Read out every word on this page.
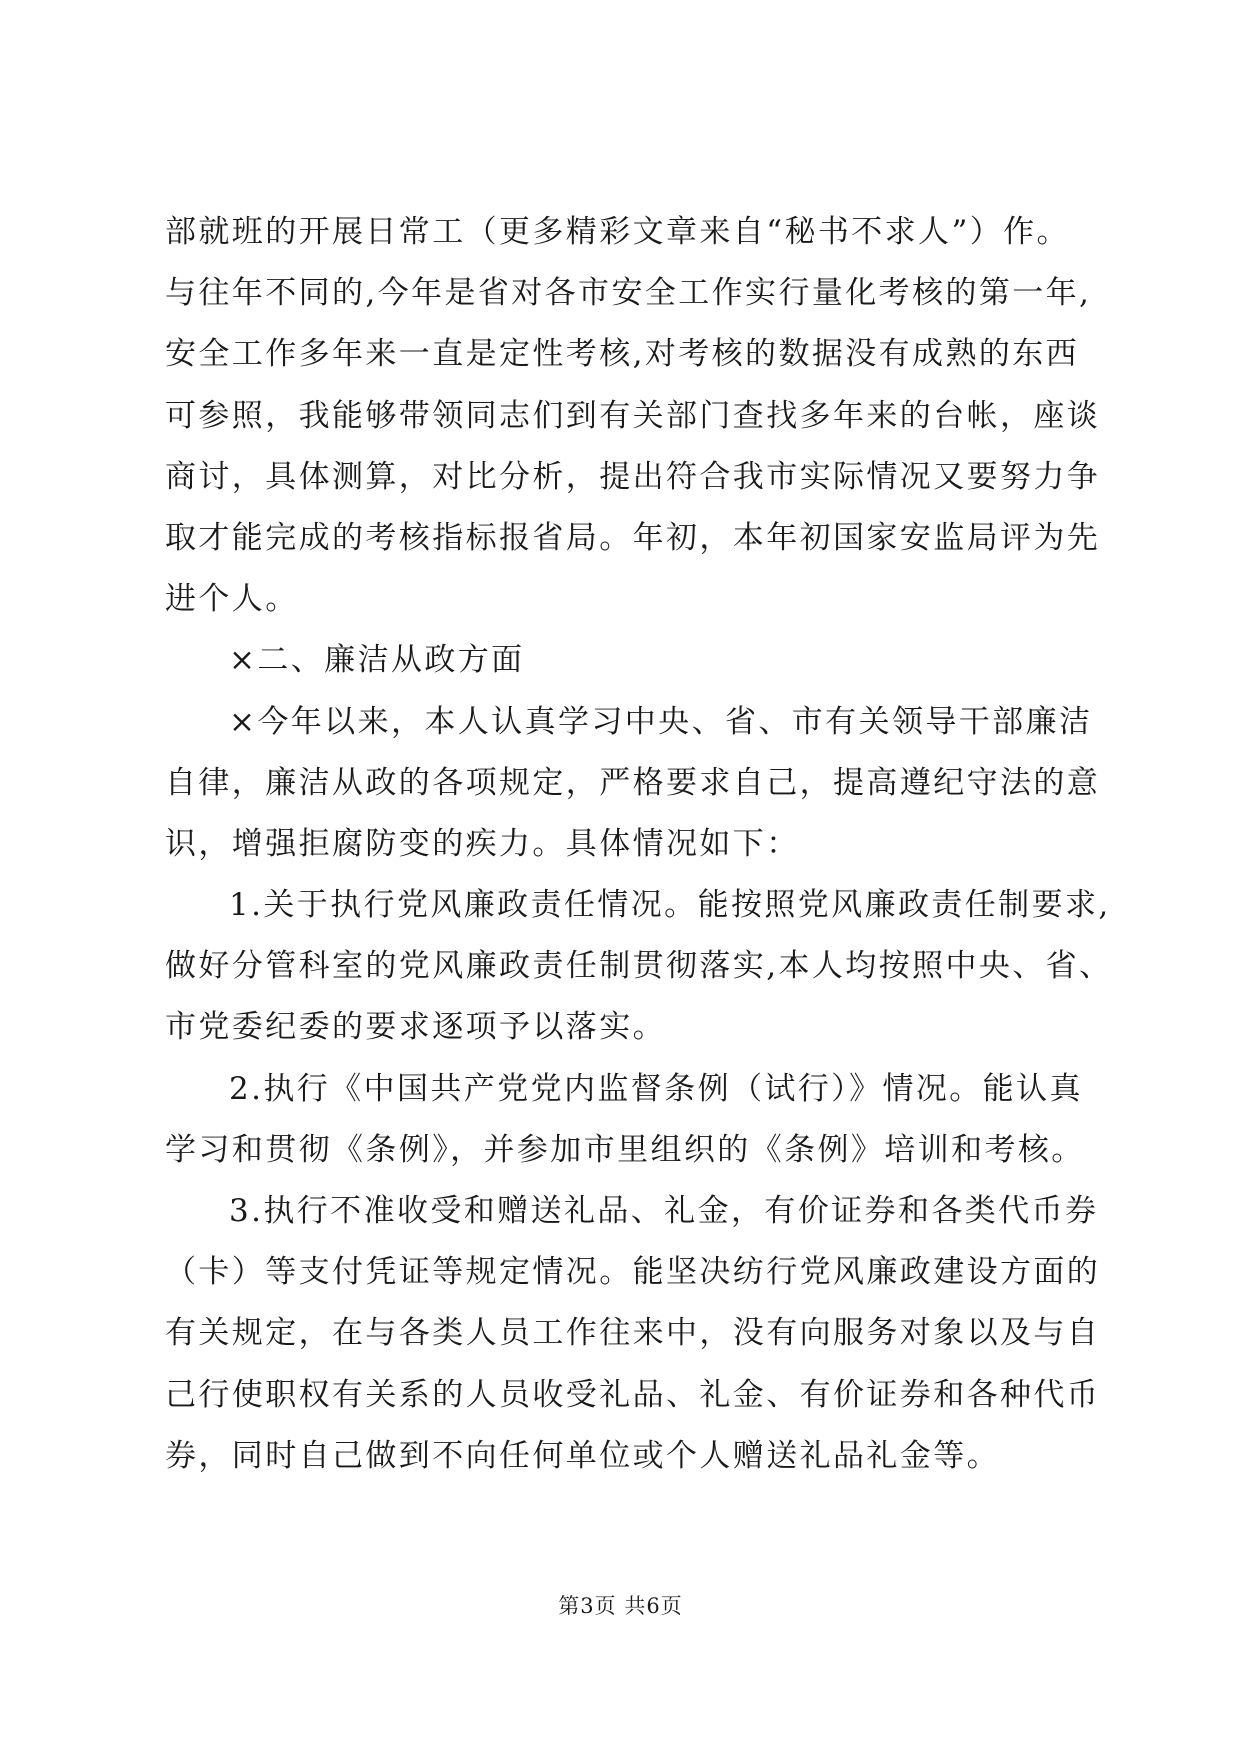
部就班的开展日常工（更多精彩文章来自“秘书不求人”）作。
与往年不同的,今年是省对各市安全工作实行量化考核的第一年,
安全工作多年来一直是定性考核,对考核的数据没有成熟的东西
可参照，我能够带领同志们到有关部门查找多年来的台帐，座谈
商讨，具体测算，对比分析，提出符合我市实际情况又要努力争
取才能完成的考核指标报省局。年初，本年初国家安监局评为先
进个人。
×二、廉洁从政方面
×今年以来，本人认真学习中央、省、市有关领导干部廉洁
自律，廉洁从政的各项规定，严格要求自己，提高遵纪守法的意
识，增强拒腐防变的疾力。具体情况如下：
1.关于执行党风廉政责任情况。能按照党风廉政责任制要求,
做好分管科室的党风廉政责任制贯彻落实,本人均按照中央、省、
市党委纪委的要求逐项予以落实。
2.执行《中国共产党党内监督条例（试行）》情况。能认真
学习和贯彻《条例》，并参加市里组织的《条例》培训和考核。
3.执行不准收受和赠送礼品、礼金，有价证券和各类代币券
（卡）等支付凭证等规定情况。能坚决纺行党风廉政建设方面的
有关规定，在与各类人员工作往来中，没有向服务对象以及与自
己行使职权有关系的人员收受礼品、礼金、有价证券和各种代币
券，同时自己做到不向任何单位或个人赠送礼品礼金等。
第3页 共6页
